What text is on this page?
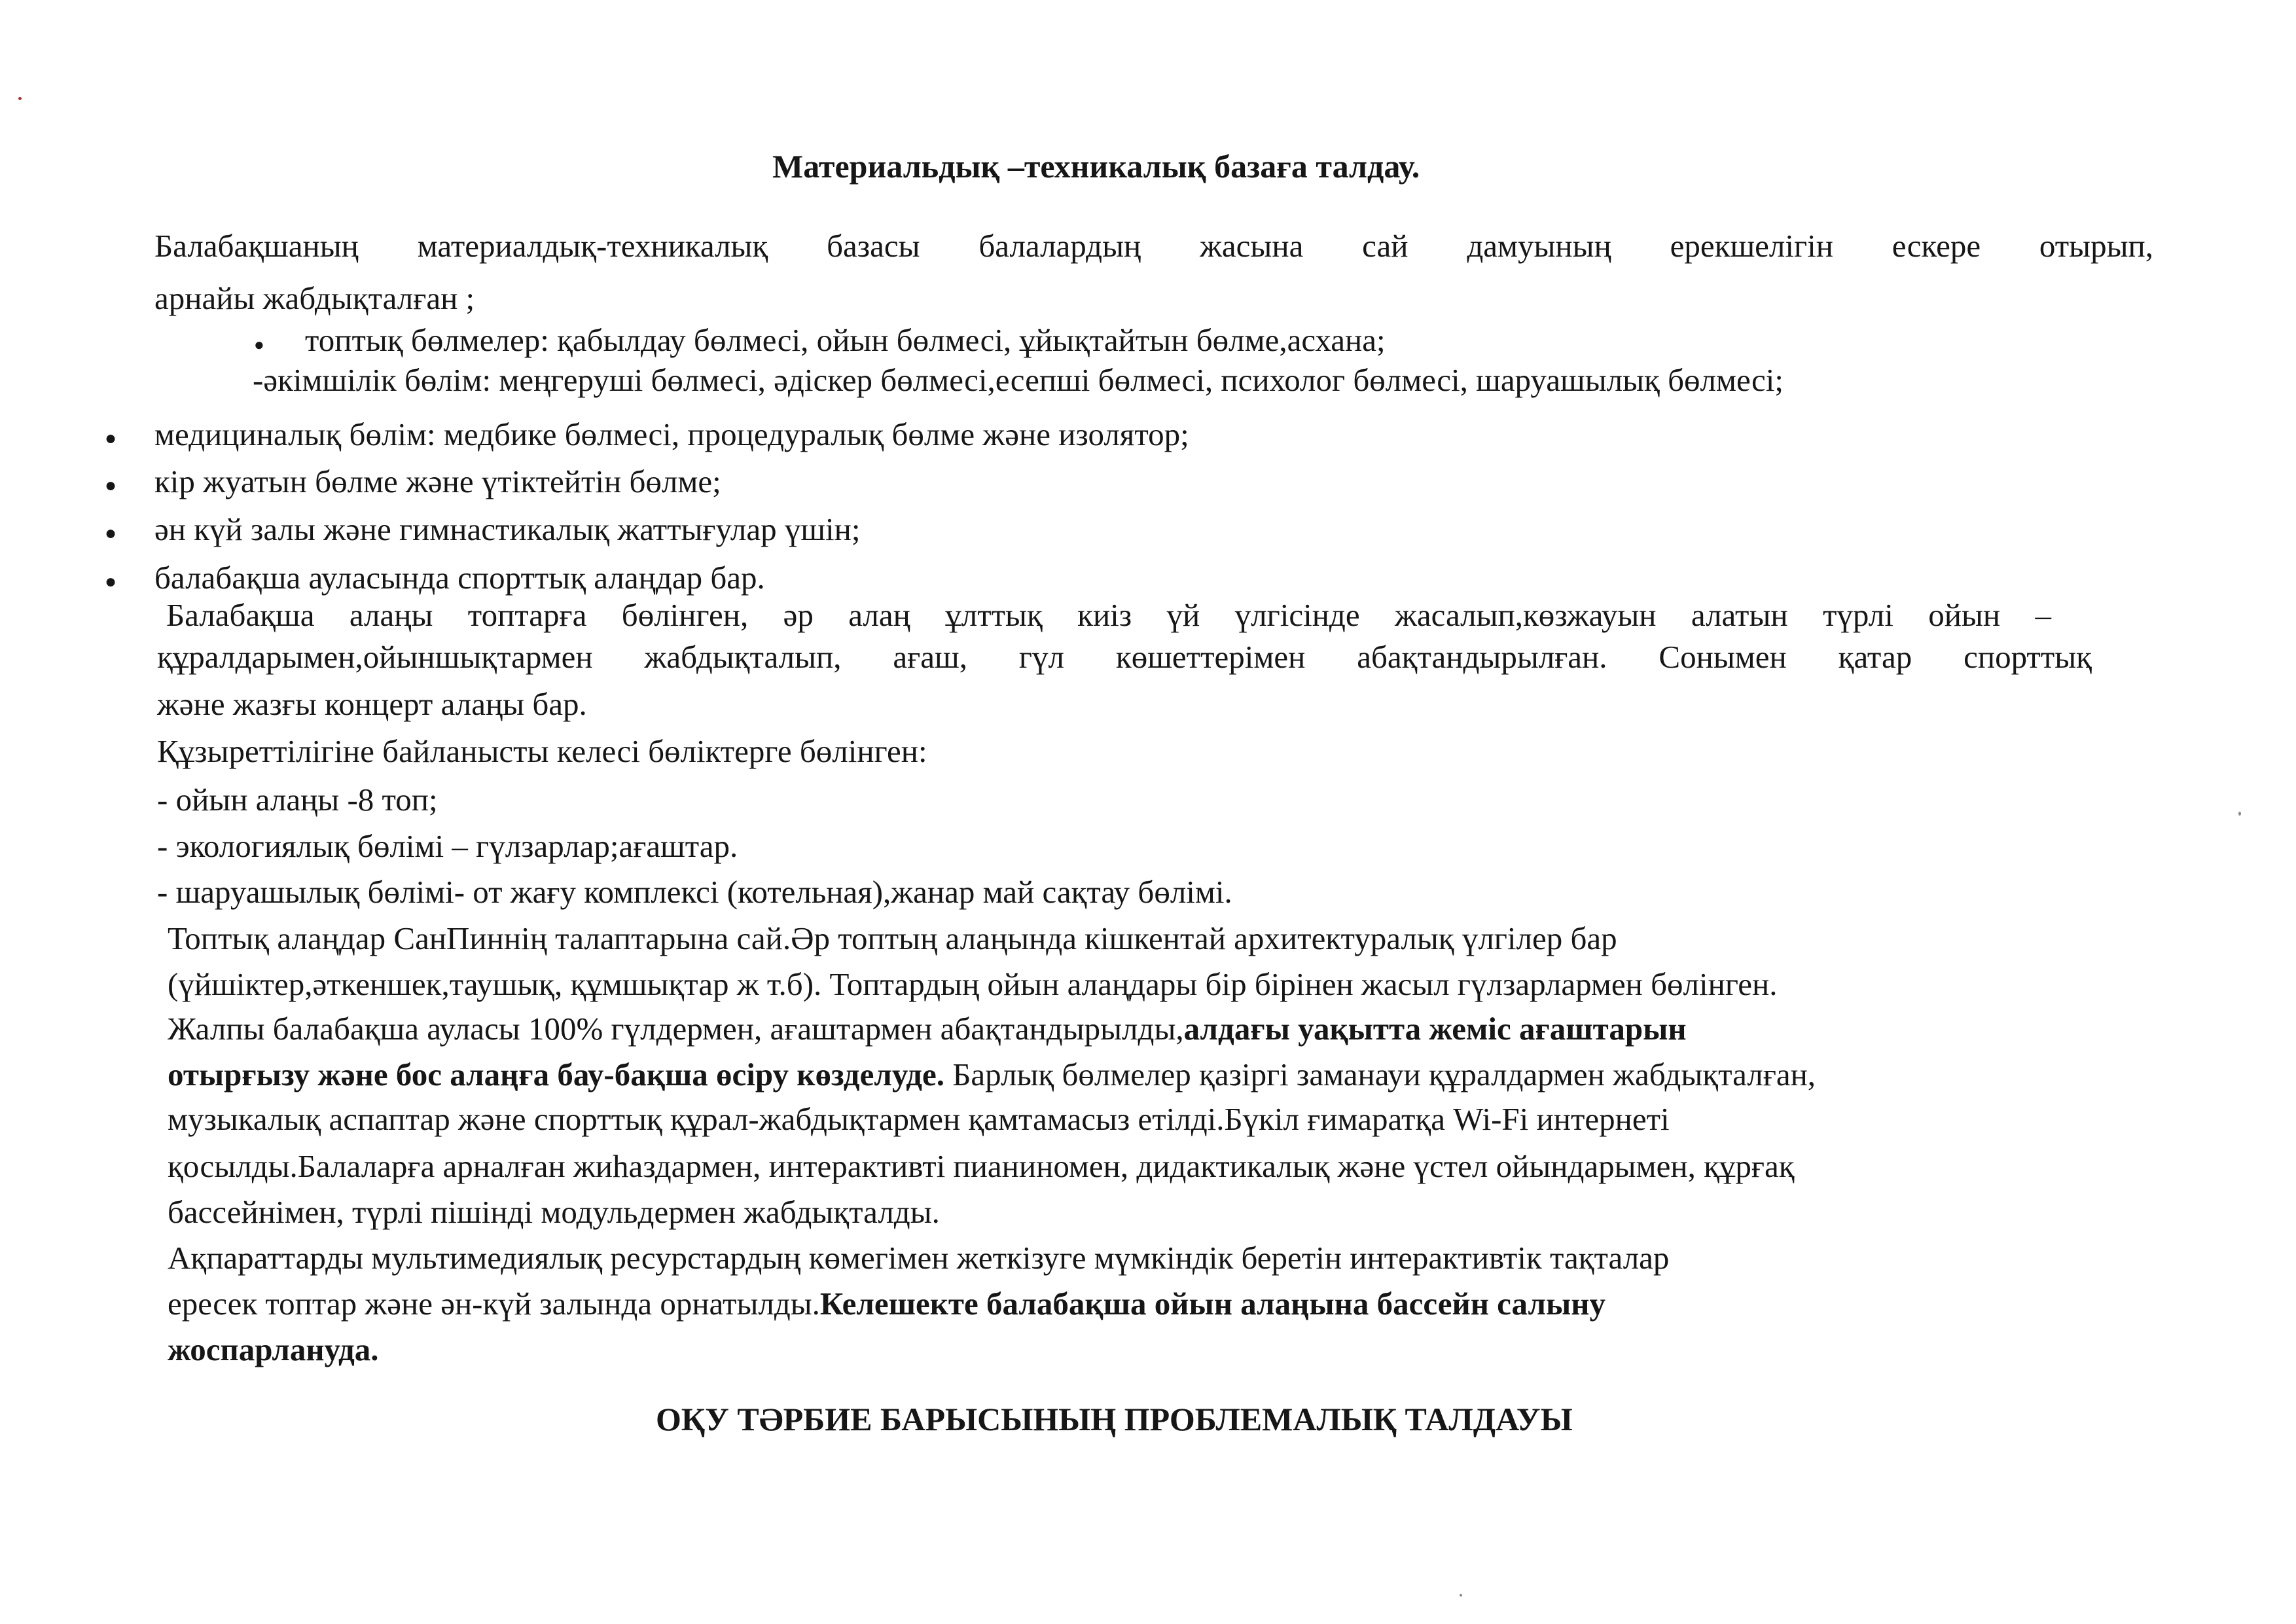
Материальдық –техникалық базаға талдау.
Балабақшаның материалдық-техникалық базасы балалардың жасына сай дамуының ерекшелігін ескере отырып,
арнайы жабдықталған ;
● топтық бөлмелер: қабылдау бөлмесі, ойын бөлмесі, ұйықтайтын бөлме,асхана;
-әкімшілік бөлім: меңгеруші бөлмесі, әдіскер бөлмесі,есепші бөлмесі, психолог бөлмесі, шаруашылық бөлмесі;
● медициналық бөлім: медбике бөлмесі, процедуралық бөлме және изолятор;
● кір жуатын бөлме және үтіктейтін бөлме;
● ән күй залы және гимнастикалық жаттығулар үшін;
● балабақша ауласында спорттық алаңдар бар.
Балабақша алаңы топтарға бөлінген, әр алаң ұлттық киіз үй үлгісінде жасалып,көзжауын алатын түрлі ойын –
құралдарымен,ойыншықтармен жабдықталып, ағаш, гүл көшеттерімен абақтандырылған. Сонымен қатар спорттық
және жазғы концерт алаңы бар.
Құзыреттілігіне байланысты келесі бөліктерге бөлінген:
- ойын алаңы -8 топ;
- экологиялық бөлімі – гүлзарлар;ағаштар.
- шаруашылық бөлімі- от жағу комплексі (котельная),жанар май сақтау бөлімі.
Топтық алаңдар СанПиннің талаптарына сай.Әр топтың алаңында кішкентай архитектуралық үлгілер бар
(үйшіктер,әткеншек,таушық, құмшықтар ж т.б). Топтардың ойын алаңдары бір бірінен жасыл гүлзарлармен бөлінген.
Жалпы балабақша ауласы 100% гүлдермен, ағаштармен абақтандырылды,алдағы уақытта жеміс ағаштарын
отырғызу және бос алаңға бау-бақша өсіру көзделуде. Барлық бөлмелер қазіргі заманауи құралдармен жабдықталған,
музыкалық аспаптар және спорттық құрал-жабдықтармен қамтамасыз етілді.Бүкіл ғимаратқа Wi-Fi интернеті
қосылды.Балаларға арналған жиһаздармен, интерактивті пианиномен, дидактикалық және үстел ойындарымен, құрғақ
бассейнімен, түрлі пішінді модульдермен жабдықталды.
Ақпараттарды мультимедиялық ресурстардың көмегімен жеткізуге мүмкіндік беретін интерактивтік тақталар
ересек топтар және ән-күй залында орнатылды.Келешекте балабақша ойын алаңына бассейн салыну
жоспарлануда.
ОҚУ ТӘРБИЕ БАРЫСЫНЫҢ ПРОБЛЕМАЛЫҚ ТАЛДАУЫ
